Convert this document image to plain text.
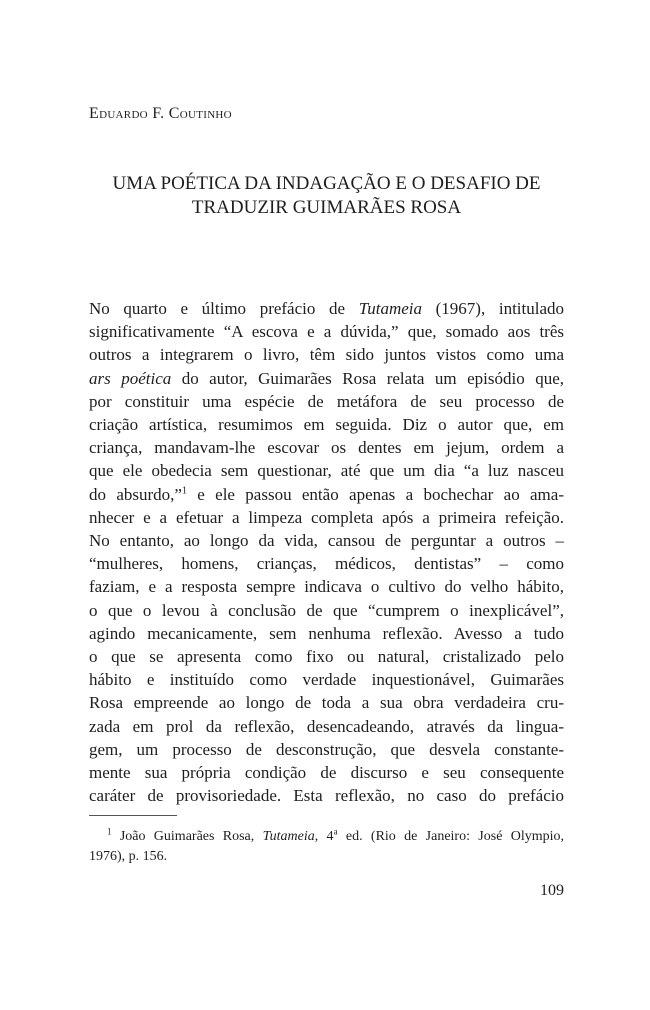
Eduardo F. Coutinho

UMA POÉTICA DA INDAGAÇÃO E O DESAFIO DE
TRADUZIR GUIMARÃES ROSA
No quarto e último prefácio de Tutameia (1967), intitulado
significativamente “A escova e a dúvida,” que, somado aos três
outros a integrarem o livro, têm sido juntos vistos como uma
ars poética do autor, Guimarães Rosa relata um episódio que,
por constituir uma espécie de metáfora de seu processo de
criação artística, resumimos em seguida. Diz o autor que, em
criança, mandavam-lhe escovar os dentes em jejum, ordem a
que ele obedecia sem questionar, até que um dia “a luz nasceu
do absurdo,”$^1$ e ele passou então apenas a bochechar ao ama-
nhecer e a efetuar a limpeza completa após a primeira refeição.
No entanto, ao longo da vida, cansou de perguntar a outros –
“mulheres, homens, crianças, médicos, dentistas” – como
faziam, e a resposta sempre indicava o cultivo do velho hábito,
o que o levou à conclusão de que “cumprem o inexplicável”,
agindo mecanicamente, sem nenhuma reflexão. Avesso a tudo
o que se apresenta como fixo ou natural, cristalizado pelo
hábito e instituído como verdade inquestionável, Guimarães
Rosa empreende ao longo de toda a sua obra verdadeira cru-
zada em prol da reflexão, desencadeando, através da lingua-
gem, um processo de desconstrução, que desvela constante-
mente sua própria condição de discurso e seu consequente
caráter de provisoriedade. Esta reflexão, no caso do prefácio
$^1$ João Guimarães Rosa, Tutameia, 4$^a$ ed. (Rio de Janeiro: José Olympio,
1976), p. 156.

109
